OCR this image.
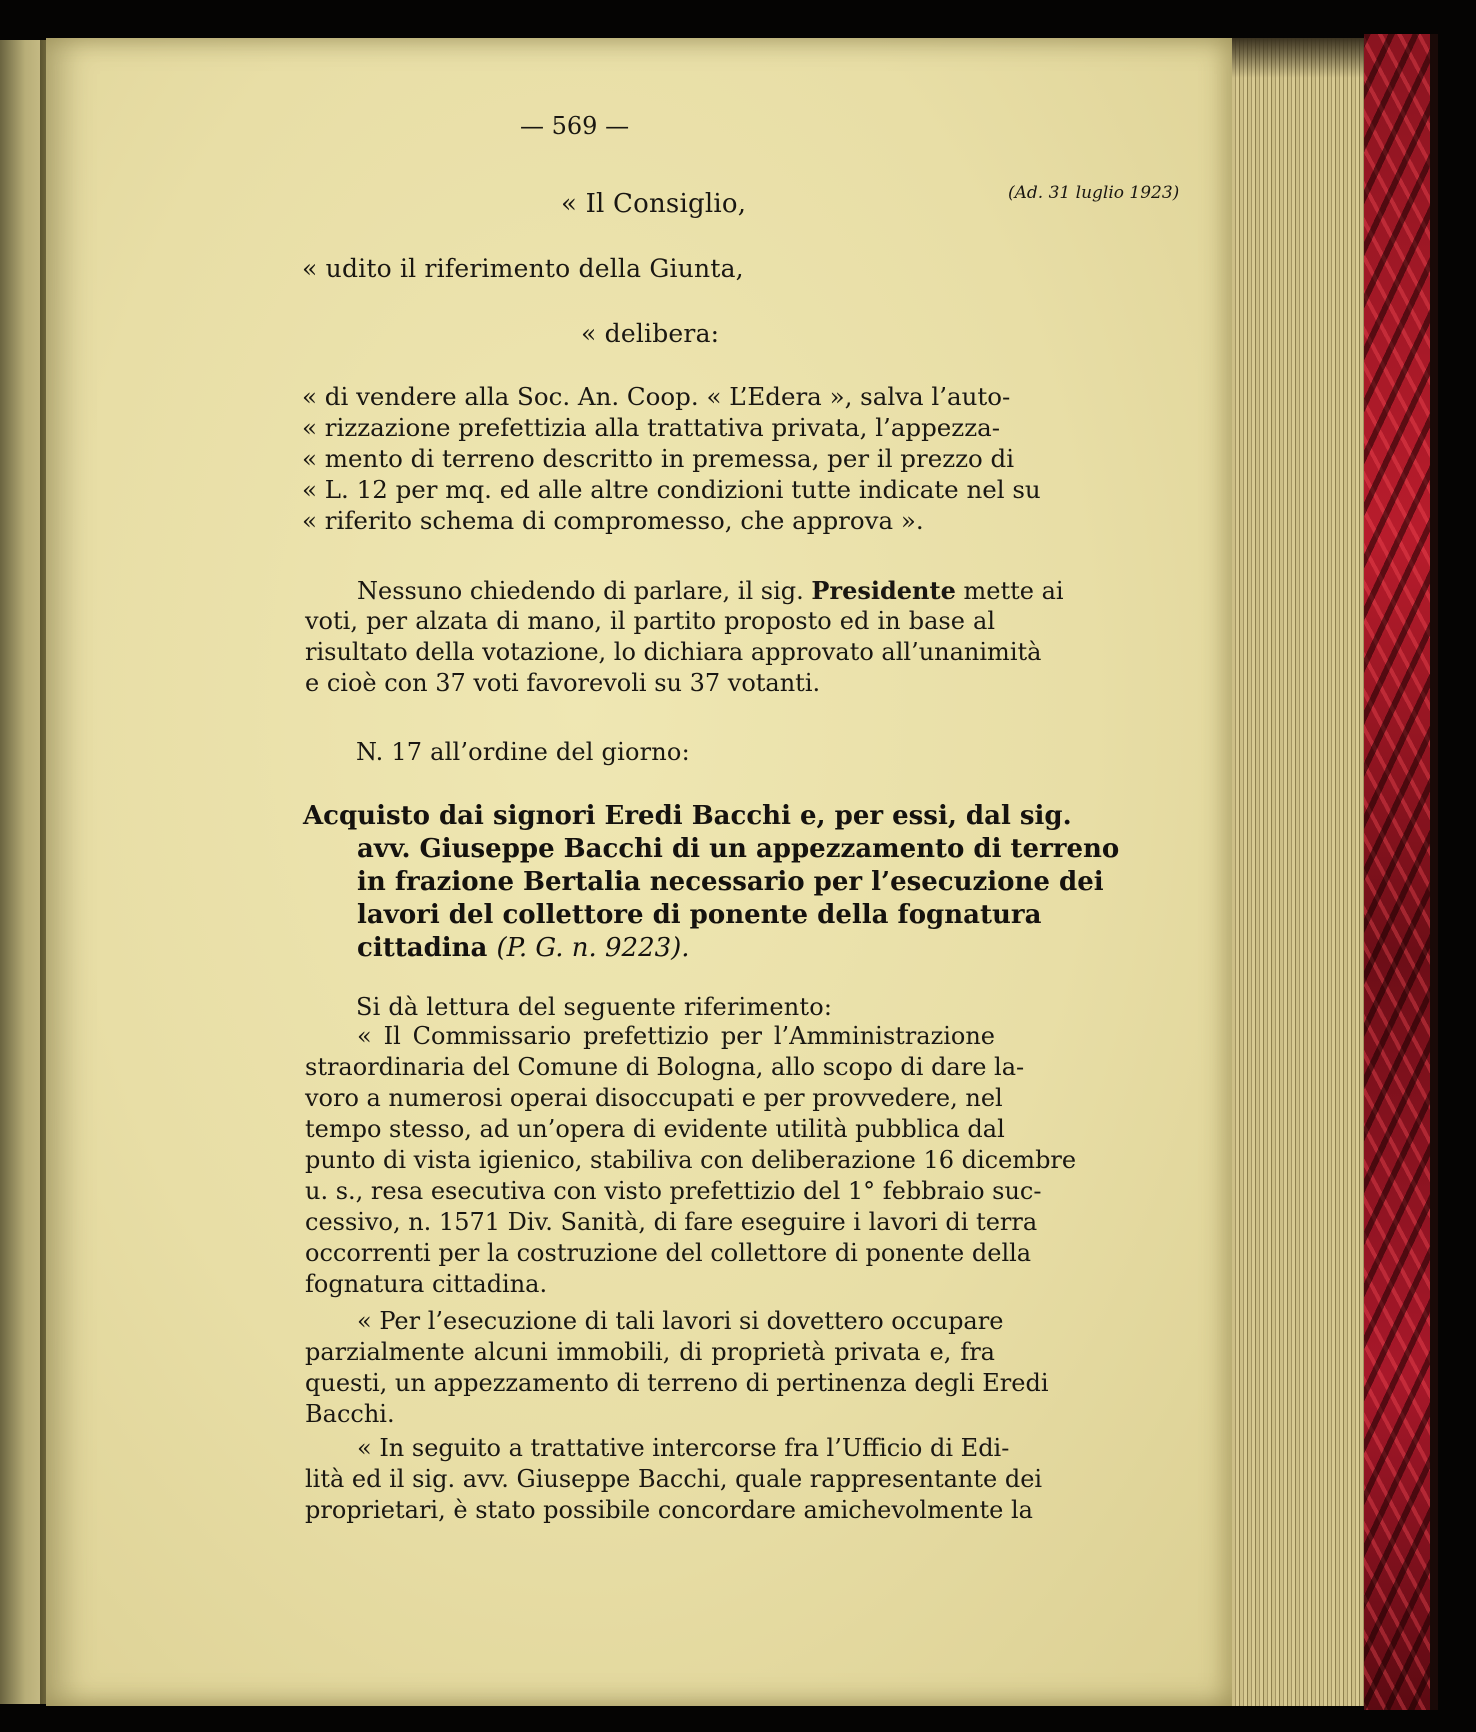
— 569 —
(Ad. 31 luglio 1923)
« Il Consiglio,
« udito il riferimento della Giunta,
« delibera:
« di vendere alla Soc. An. Coop. « L’Edera », salva l’auto-
« rizzazione prefettizia alla trattativa privata, l’appezza-
« mento di terreno descritto in premessa, per il prezzo di
« L. 12 per mq. ed alle altre condizioni tutte indicate nel su
« riferito schema di compromesso, che approva ».
Nessuno chiedendo di parlare, il sig. Presidente mette ai
voti, per alzata di mano, il partito proposto ed in base al
risultato della votazione, lo dichiara approvato all’unanimità
e cioè con 37 voti favorevoli su 37 votanti.
N. 17 all’ordine del giorno:
Acquisto dai signori Eredi Bacchi e, per essi, dal sig.
avv. Giuseppe Bacchi di un appezzamento di terreno
in frazione Bertalia necessario per l’esecuzione dei
lavori del collettore di ponente della fognatura
cittadina (P. G. n. 9223).
Si dà lettura del seguente riferimento:
« Il Commissario prefettizio per l’Amministrazione
straordinaria del Comune di Bologna, allo scopo di dare la-
voro a numerosi operai disoccupati e per provvedere, nel
tempo stesso, ad un’opera di evidente utilità pubblica dal
punto di vista igienico, stabiliva con deliberazione 16 dicembre
u. s., resa esecutiva con visto prefettizio del 1° febbraio suc-
cessivo, n. 1571 Div. Sanità, di fare eseguire i lavori di terra
occorrenti per la costruzione del collettore di ponente della
fognatura cittadina.
« Per l’esecuzione di tali lavori si dovettero occupare
parzialmente alcuni immobili, di proprietà privata e, fra
questi, un appezzamento di terreno di pertinenza degli Eredi
Bacchi.
« In seguito a trattative intercorse fra l’Ufficio di Edi-
lità ed il sig. avv. Giuseppe Bacchi, quale rappresentante dei
proprietari, è stato possibile concordare amichevolmente la
